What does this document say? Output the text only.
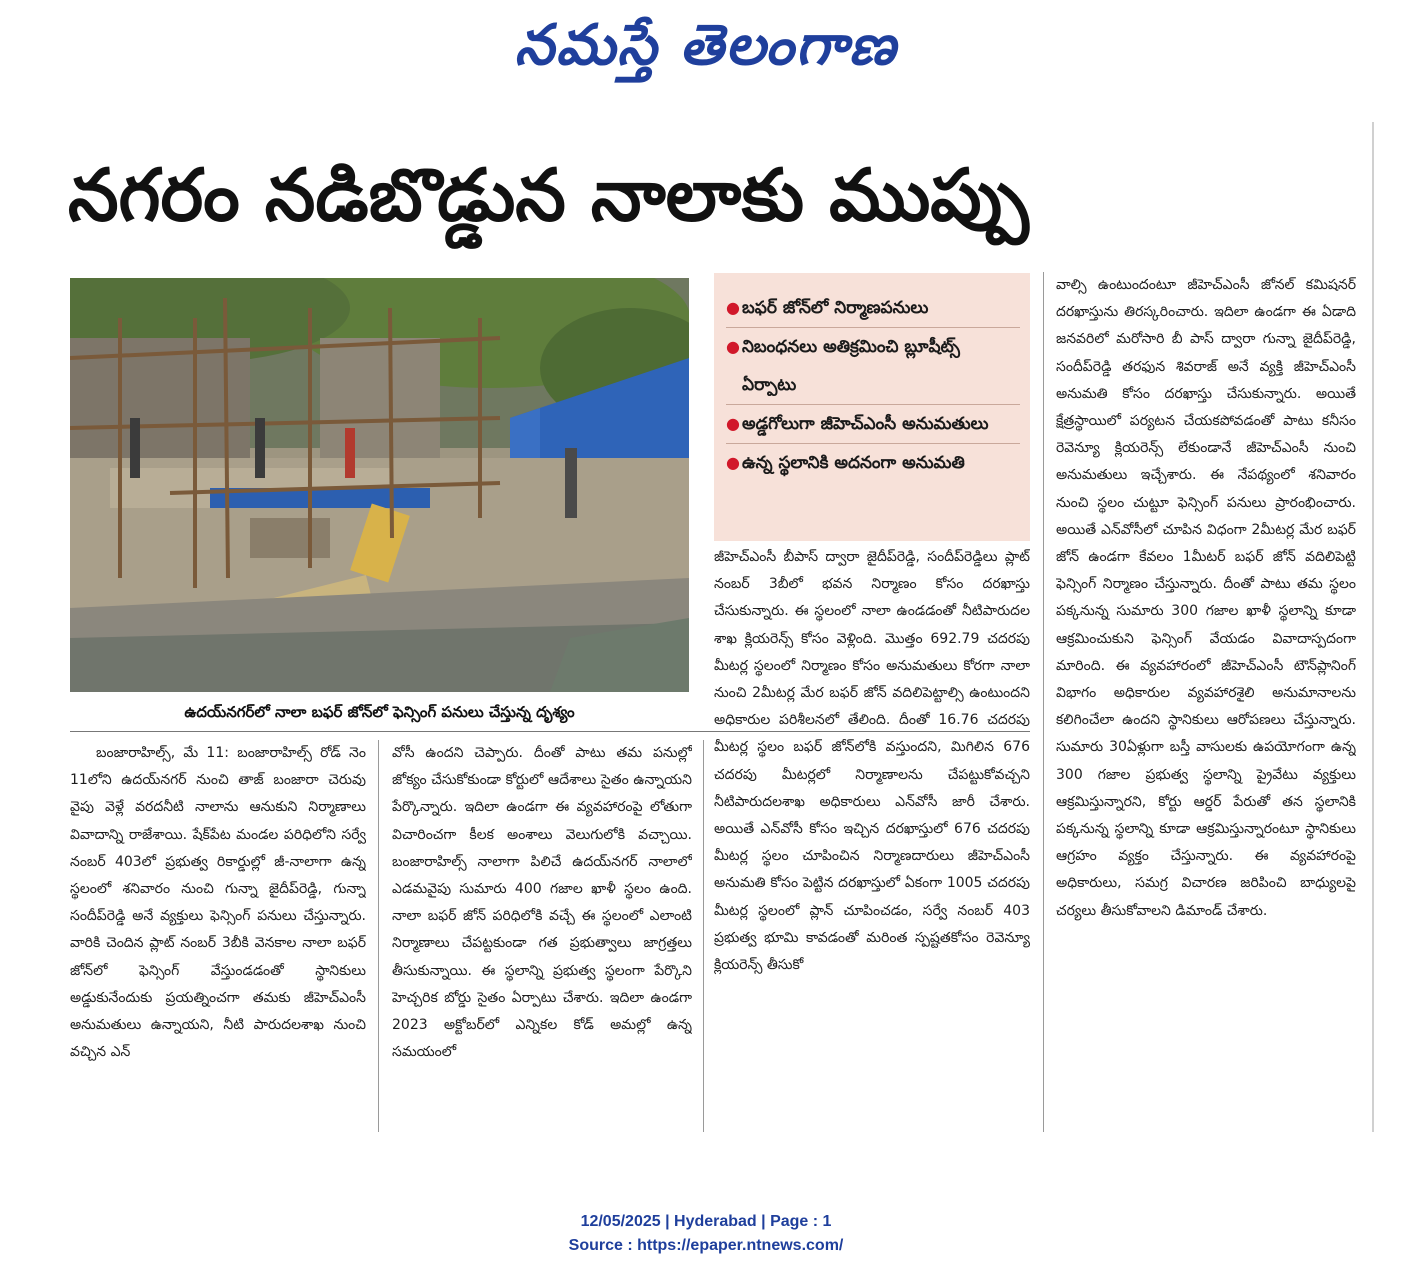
నమస్తే తెలంగాణ
నగరం నడిబొడ్డున నాలాకు ముప్పు
ఉదయ్‌నగర్‌లో నాలా బఫర్ జోన్‌లో ఫెన్సింగ్ పనులు చేస్తున్న దృశ్యం
● బఫర్ జోన్‌లో నిర్మాణపనులు
● నిబంధనలు అతిక్రమించి బ్లూషీట్స్ ఏర్పాటు
● అడ్డగోలుగా జీహెచ్‌ఎంసీ అనుమతులు
● ఉన్న స్థలానికి అదనంగా అనుమతి
బంజారాహిల్స్, మే 11: బంజారాహిల్స్ రోడ్ నెం 11లోని ఉదయ్‌నగర్ నుంచి తాజ్ బంజారా చెరువు వైపు వెళ్లే వరదనీటి నాలాను ఆనుకుని నిర్మాణాలు వివాదాన్ని రాజేశాయి. షేక్‌పేట మండల పరిధిలోని సర్వే నంబర్ 403లో ప్రభుత్వ రికార్డుల్లో జీ-నాలాగా ఉన్న స్థలంలో శనివారం నుంచి గున్నా జైదీప్‌రెడ్డి, గున్నా సందీప్‌రెడ్డి అనే వ్యక్తులు ఫెన్సింగ్ పనులు చేస్తున్నారు. వారికి చెందిన ప్లాట్ నంబర్ 3బీకి వెనకాల నాలా బఫర్ జోన్‌లో ఫెన్సింగ్ వేస్తుండడంతో స్థానికులు అడ్డుకునేందుకు ప్రయత్నించగా తమకు జీహెచ్‌ఎంసీ అనుమతులు ఉన్నాయని, నీటి పారుదలశాఖ నుంచి వచ్చిన ఎన్
వోసీ ఉందని చెప్పారు. దీంతో పాటు తమ పనుల్లో జోక్యం చేసుకోకుండా కోర్టులో ఆదేశాలు సైతం ఉన్నాయని పేర్కొన్నారు. ఇదిలా ఉండగా ఈ వ్యవహారంపై లోతుగా విచారించగా కీలక అంశాలు వెలుగులోకి వచ్చాయి. బంజారాహిల్స్ నాలాగా పిలిచే ఉదయ్‌నగర్ నాలాలో ఎడమవైపు సుమారు 400 గజాల ఖాళీ స్థలం ఉంది. నాలా బఫర్ జోన్ పరిధిలోకి వచ్చే ఈ స్థలంలో ఎలాంటి నిర్మాణాలు చేపట్టకుండా గత ప్రభుత్వాలు జాగ్రత్తలు తీసుకున్నాయి. ఈ స్థలాన్ని ప్రభుత్వ స్థలంగా పేర్కొని హెచ్చరిక బోర్డు సైతం ఏర్పాటు చేశారు. ఇదిలా ఉండగా 2023 అక్టోబర్‌లో ఎన్నికల కోడ్ అమల్లో ఉన్న సమయంలో
జీహెచ్‌ఎంసీ బీపాస్ ద్వారా జైదీప్‌రెడ్డి, సందీప్‌రెడ్డిలు ప్లాట్ నంబర్ 3బీలో భవన నిర్మాణం కోసం దరఖాస్తు చేసుకున్నారు. ఈ స్థలంలో నాలా ఉండడంతో నీటిపారుదల శాఖ క్లియరెన్స్ కోసం వెళ్లింది. మొత్తం 692.79 చదరపు మీటర్ల స్థలంలో నిర్మాణం కోసం అనుమతులు కోరగా నాలా నుంచి 2మీటర్ల మేర బఫర్ జోన్ వదిలిపెట్టాల్సి ఉంటుందని అధికారుల పరిశీలనలో తేలింది. దీంతో 16.76 చదరపు మీటర్ల స్థలం బఫర్ జోన్‌లోకి వస్తుందని, మిగిలిన 676 చదరపు మీటర్లలో నిర్మాణాలను చేపట్టుకోవచ్చని నీటిపారుదలశాఖ అధికారులు ఎన్‌వోసీ జారీ చేశారు. అయితే ఎన్‌వోసీ కోసం ఇచ్చిన దరఖాస్తులో 676 చదరపు మీటర్ల స్థలం చూపించిన నిర్మాణదారులు జీహెచ్‌ఎంసీ అనుమతి కోసం పెట్టిన దరఖాస్తులో ఏకంగా 1005 చదరపు మీటర్ల స్థలంలో ప్లాన్ చూపించడం, సర్వే నంబర్ 403 ప్రభుత్వ భూమి కావడంతో మరింత స్పష్టతకోసం రెవెన్యూ క్లియరెన్స్ తీసుకో
వాల్సి ఉంటుందంటూ జీహెచ్‌ఎంసీ జోనల్ కమిషనర్ దరఖాస్తును తిరస్కరించారు. ఇదిలా ఉండగా ఈ ఏడాది జనవరిలో మరోసారి బీ పాస్ ద్వారా గున్నా జైదీప్‌రెడ్డి, సందీప్‌రెడ్డి తరఫున శివరాజ్ అనే వ్యక్తి జీహెచ్‌ఎంసీ అనుమతి కోసం దరఖాస్తు చేసుకున్నారు. అయితే క్షేత్రస్థాయిలో పర్యటన చేయకపోవడంతో పాటు కనీసం రెవెన్యూ క్లియరెన్స్ లేకుండానే జీహెచ్‌ఎంసీ నుంచి అనుమతులు ఇచ్చేశారు. ఈ నేపథ్యంలో శనివారం నుంచి స్థలం చుట్టూ ఫెన్సింగ్ పనులు ప్రారంభించారు. అయితే ఎన్‌వోసీలో చూపిన విధంగా 2మీటర్ల మేర బఫర్ జోన్ ఉండగా కేవలం 1మీటర్ బఫర్ జోన్ వదిలిపెట్టి ఫెన్సింగ్ నిర్మాణం చేస్తున్నారు. దీంతో పాటు తమ స్థలం పక్కనున్న సుమారు 300 గజాల ఖాళీ స్థలాన్ని కూడా ఆక్రమించుకుని ఫెన్సింగ్ వేయడం వివాదాస్పదంగా మారింది. ఈ వ్యవహారంలో జీహెచ్‌ఎంసీ టౌన్‌ప్లానింగ్ విభాగం అధికారుల వ్యవహారశైలి అనుమానాలను కలిగించేలా ఉందని స్థానికులు ఆరోపణలు చేస్తున్నారు. సుమారు 30ఏళ్లుగా బస్తీ వాసులకు ఉపయోగంగా ఉన్న 300 గజాల ప్రభుత్వ స్థలాన్ని ప్రైవేటు వ్యక్తులు ఆక్రమిస్తున్నారని, కోర్టు ఆర్డర్ పేరుతో తన స్థలానికి పక్కనున్న స్థలాన్ని కూడా ఆక్రమిస్తున్నారంటూ స్థానికులు ఆగ్రహం వ్యక్తం చేస్తున్నారు. ఈ వ్యవహారంపై అధికారులు, సమగ్ర విచారణ జరిపించి బాధ్యులపై చర్యలు తీసుకోవాలని డిమాండ్ చేశారు.
12/05/2025 | Hyderabad | Page : 1
Source : https://epaper.ntnews.com/
